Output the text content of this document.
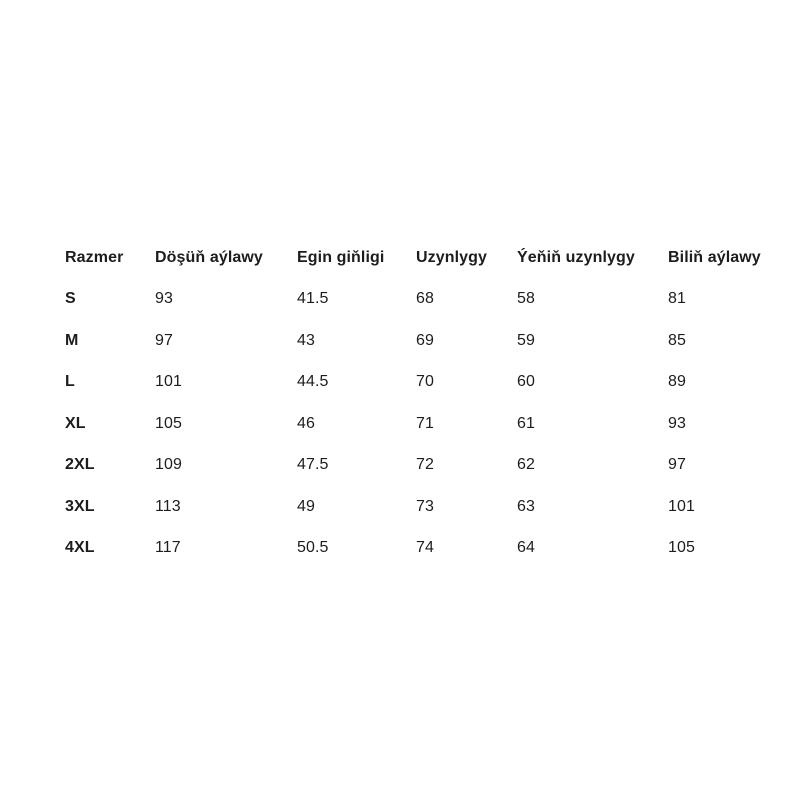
Razmer	Döşüň aýlawy	Egin giňligi	Uzynlygy	Ýeňiň uzynlygy	Biliň aýlawy
S	93	41.5	68	58	81
M	97	43	69	59	85
L	101	44.5	70	60	89
XL	105	46	71	61	93
2XL	109	47.5	72	62	97
3XL	113	49	73	63	101
4XL	117	50.5	74	64	105
